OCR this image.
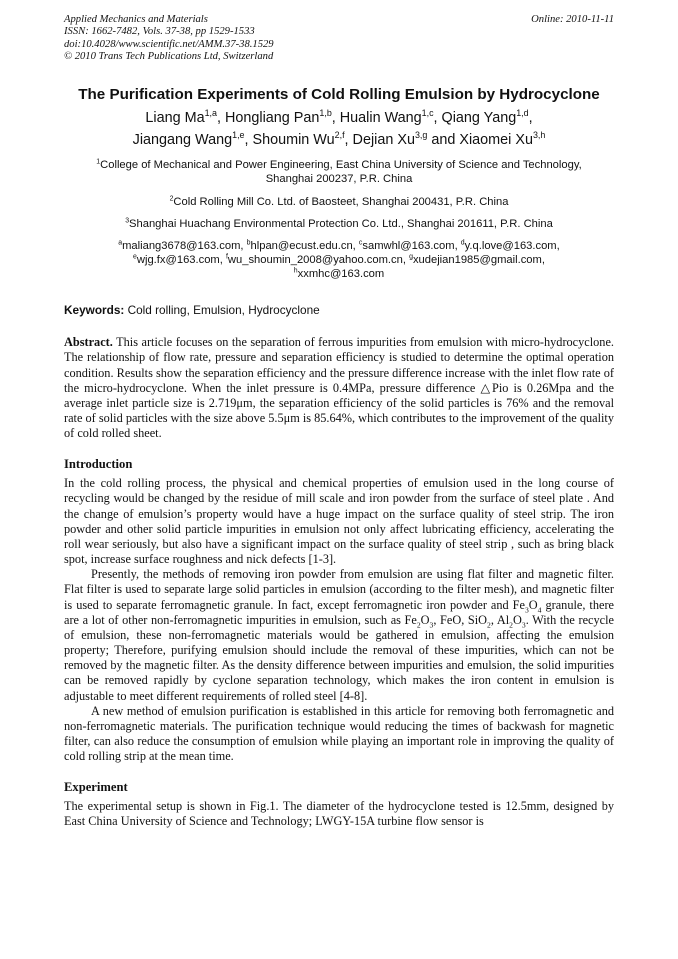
Applied Mechanics and Materials
ISSN: 1662-7482, Vols. 37-38, pp 1529-1533
doi:10.4028/www.scientific.net/AMM.37-38.1529
© 2010 Trans Tech Publications Ltd, Switzerland
Online: 2010-11-11
The Purification Experiments of Cold Rolling Emulsion by Hydrocyclone
Liang Ma$^{1,a}$, Hongliang Pan$^{1,b}$, Hualin Wang$^{1,c}$, Qiang Yang$^{1,d}$,
Jiangang Wang$^{1,e}$, Shoumin Wu$^{2,f}$, Dejian Xu$^{3,g}$ and Xiaomei Xu$^{3,h}$
$^1$College of Mechanical and Power Engineering, East China University of Science and Technology,
Shanghai 200237, P.R. China
$^2$Cold Rolling Mill Co. Ltd. of Baosteet, Shanghai 200431, P.R. China
$^3$Shanghai Huachang Environmental Protection Co. Ltd., Shanghai 201611, P.R. China
$^a$maliang3678@163.com, $^b$hlpan@ecust.edu.cn, $^c$samwhl@163.com, $^d$y.q.love@163.com,
$^e$wjg.fx@163.com, $^f$wu_shoumin_2008@yahoo.com.cn, $^g$xudejian1985@gmail.com,
$^h$xxmhc@163.com
Keywords: Cold rolling, Emulsion, Hydrocyclone
Abstract. This article focuses on the separation of ferrous impurities from emulsion with micro-hydrocyclone. The relationship of flow rate, pressure and separation efficiency is studied to determine the optimal operation condition. Results show the separation efficiency and the pressure difference increase with the inlet flow rate of the micro-hydrocyclone. When the inlet pressure is 0.4MPa, pressure difference △Pio is 0.26Mpa and the average inlet particle size is 2.719μm, the separation efficiency of the solid particles is 76% and the removal rate of solid particles with the size above 5.5μm is 85.64%, which contributes to the improvement of the quality of cold rolled sheet.
Introduction

In the cold rolling process, the physical and chemical properties of emulsion used in the long course of recycling would be changed by the residue of mill scale and iron powder from the surface of steel plate . And the change of emulsion’s property would have a huge impact on the surface quality of steel strip. The iron powder and other solid particle impurities in emulsion not only affect lubricating efficiency, accelerating the roll wear seriously, but also have a significant impact on the surface quality of steel strip , such as bring black spot, increase surface roughness and nick defects [1-3].

Presently, the methods of removing iron powder from emulsion are using flat filter and magnetic filter. Flat filter is used to separate large solid particles in emulsion (according to the filter mesh), and magnetic filter is used to separate ferromagnetic granule. In fact, except ferromagnetic iron powder and $Fe_3O_4$ granule, there are a lot of other non-ferromagnetic impurities in emulsion, such as $Fe_2O_3$, FeO, SiO$_2$, $Al_2O_3$. With the recycle of emulsion, these non-ferromagnetic materials would be gathered in emulsion, affecting the emulsion property; Therefore, purifying emulsion should include the removal of these impurities, which can not be removed by the magnetic filter. As the density difference between impurities and emulsion, the solid impurities can be removed rapidly by cyclone separation technology, which makes the iron content in emulsion is adjustable to meet different requirements of rolled steel [4-8].

A new method of emulsion purification is established in this article for removing both ferromagnetic and non-ferromagnetic materials. The purification technique would reducing the times of backwash for magnetic filter, can also reduce the consumption of emulsion while playing an important role in improving the quality of cold rolling strip at the mean time.

Experiment

The experimental setup is shown in Fig.1. The diameter of the hydrocyclone tested is 12.5mm, designed by East China University of Science and Technology; LWGY-15A turbine flow sensor is
